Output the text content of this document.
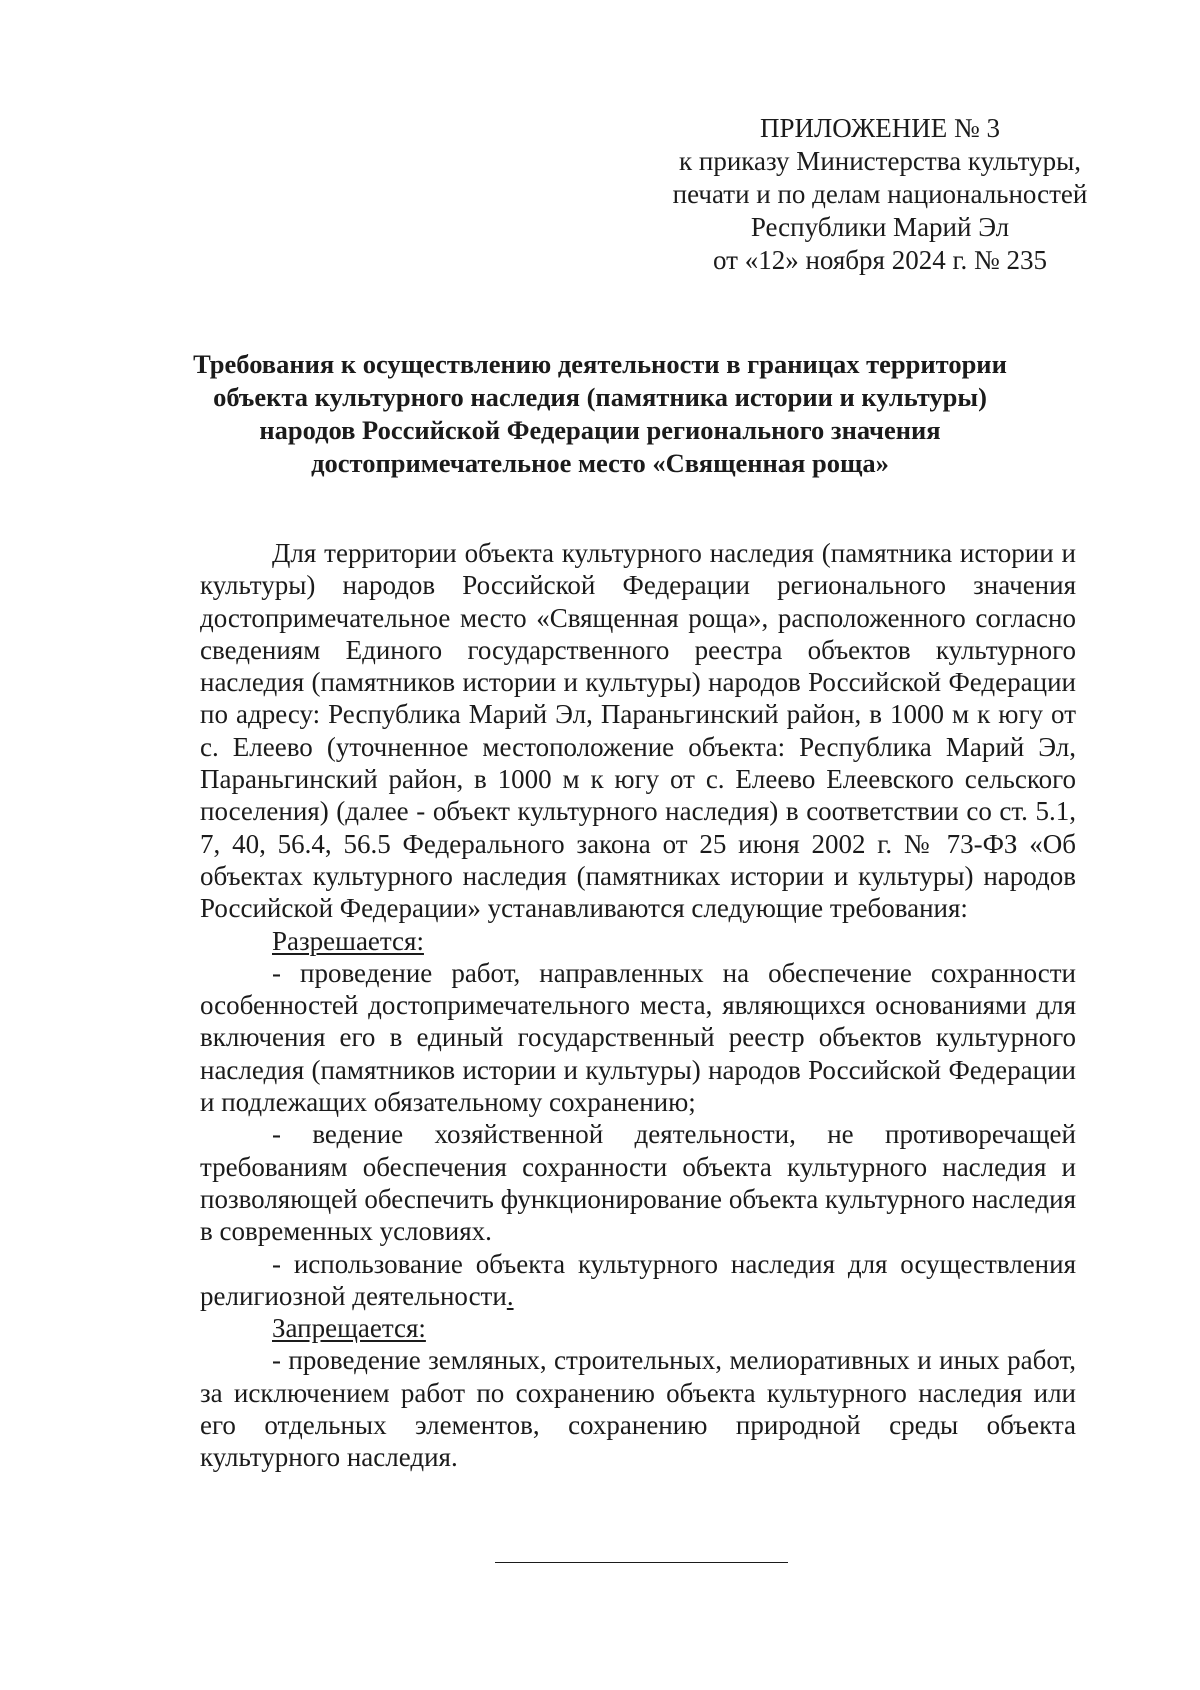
ПРИЛОЖЕНИЕ № 3
к приказу Министерства культуры,
печати и по делам национальностей
Республики Марий Эл
от «12» ноября 2024 г. № 235
Требования к осуществлению деятельности в границах территории
объекта культурного наследия (памятника истории и культуры)
народов Российской Федерации регионального значения
достопримечательное место «Священная роща»

Для территории объекта культурного наследия (памятника истории и культуры) народов Российской Федерации регионального значения достопримечательное место «Священная роща», расположенного согласно сведениям Единого государственного реестра объектов культурного наследия (памятников истории и культуры) народов Российской Федерации по адресу: Республика Марий Эл, Параньгинский район, в 1000 м к югу от с. Елеево (уточненное местоположение объекта: Республика Марий Эл, Параньгинский район, в 1000 м к югу от с. Елеево Елеевского сельского поселения) (далее - объект культурного наследия) в соответствии со ст. 5.1, 7, 40, 56.4, 56.5 Федерального закона от 25 июня 2002 г. № 73-ФЗ «Об объектах культурного наследия (памятниках истории и культуры) народов Российской Федерации» устанавливаются следующие требования:

Разрешается:

- проведение работ, направленных на обеспечение сохранности особенностей достопримечательного места, являющихся основаниями для включения его в единый государственный реестр объектов культурного наследия (памятников истории и культуры) народов Российской Федерации и подлежащих обязательному сохранению;

- ведение хозяйственной деятельности, не противоречащей требованиям обеспечения сохранности объекта культурного наследия и позволяющей обеспечить функционирование объекта культурного наследия в современных условиях.

- использование объекта культурного наследия для осуществления религиозной деятельности.

Запрещается:

- проведение земляных, строительных, мелиоративных и иных работ, за исключением работ по сохранению объекта культурного наследия или его отдельных элементов, сохранению природной среды объекта культурного наследия.
